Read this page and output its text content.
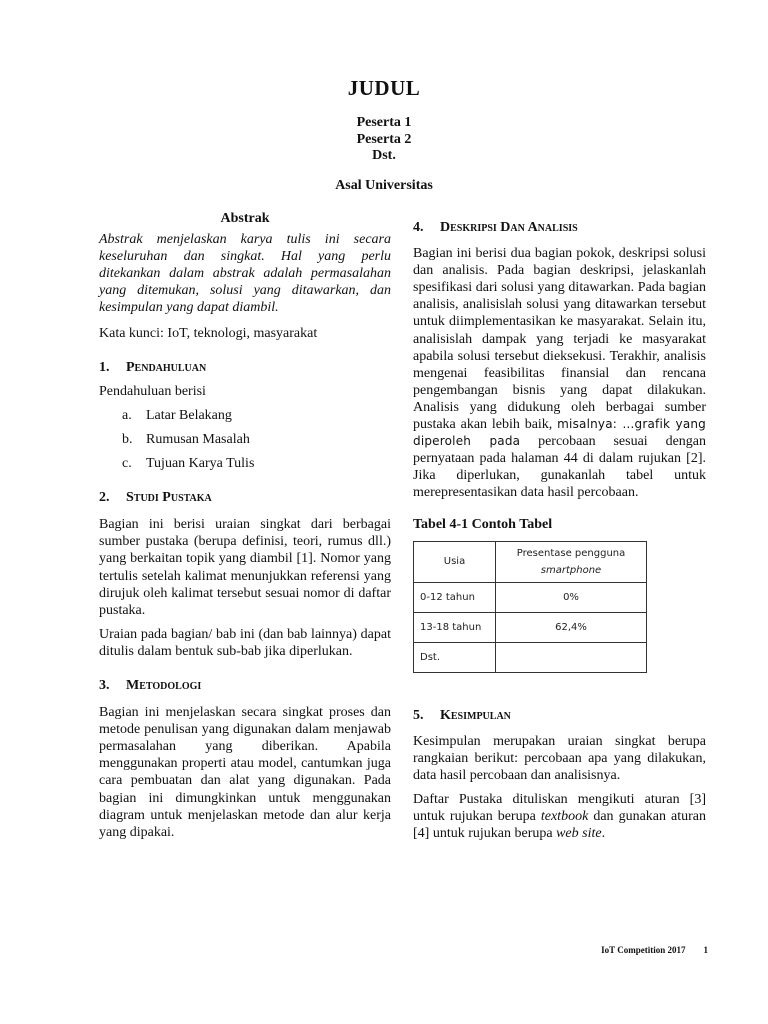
JUDUL
Peserta 1
Peserta 2
Dst.
Asal Universitas
Abstrak

Abstrak menjelaskan karya tulis ini secara keseluruhan dan singkat. Hal yang perlu ditekankan dalam abstrak adalah permasalahan yang ditemukan, solusi yang ditawarkan, dan kesimpulan yang dapat diambil.

Kata kunci: IoT, teknologi, masyarakat

1.	Pendahuluan

Pendahuluan berisi

a.	Latar Belakang
b. Rumusan Masalah
c.	Tujuan Karya Tulis
2.	Studi Pustaka

Bagian ini berisi uraian singkat dari berbagai sumber pustaka (berupa definisi, teori, rumus dll.) yang berkaitan topik yang diambil [1]. Nomor yang tertulis setelah kalimat menunjukkan referensi yang dirujuk oleh kalimat tersebut sesuai nomor di daftar pustaka.

Uraian pada bagian/ bab ini (dan bab lainnya) dapat ditulis dalam bentuk sub-bab jika diperlukan.

3.	Metodologi

Bagian ini menjelaskan secara singkat proses dan metode penulisan yang digunakan dalam menjawab permasalahan yang diberikan. Apabila menggunakan properti atau model, cantumkan juga cara pembuatan dan alat yang digunakan. Pada bagian ini dimungkinkan untuk menggunakan diagram untuk menjelaskan metode dan alur kerja yang dipakai.

4.	Deskripsi Dan Analisis

Bagian ini berisi dua bagian pokok, deskripsi solusi dan analisis. Pada bagian deskripsi, jelaskanlah spesifikasi dari solusi yang ditawarkan. Pada bagian analisis, analisislah solusi yang ditawarkan tersebut untuk diimplementasikan ke masyarakat. Selain itu, analisislah dampak yang terjadi ke masyarakat apabila solusi tersebut dieksekusi. Terakhir, analisis mengenai feasibilitas finansial dan rencana pengembangan bisnis yang dapat dilakukan. Analisis yang didukung oleh berbagai sumber pustaka akan lebih baik, misalnya: …grafik yang diperoleh pada percobaan sesuai dengan pernyataan pada halaman 44 di dalam rujukan [2]. Jika diperlukan, gunakanlah tabel untuk merepresentasikan data hasil percobaan.

Tabel 4-1 Contoh Tabel

Usia	Presentase pengguna
smartphone

0-12 tahun	0%
13-18 tahun	62,4%
Dst.	
5.	Kesimpulan

Kesimpulan merupakan uraian singkat berupa rangkaian berikut: percobaan apa yang dilakukan, data hasil percobaan dan analisisnya.

Daftar Pustaka dituliskan mengikuti aturan [3] untuk rujukan berupa textbook dan gunakan aturan [4] untuk rujukan berupa web site.

IoT Competition 2017 1
